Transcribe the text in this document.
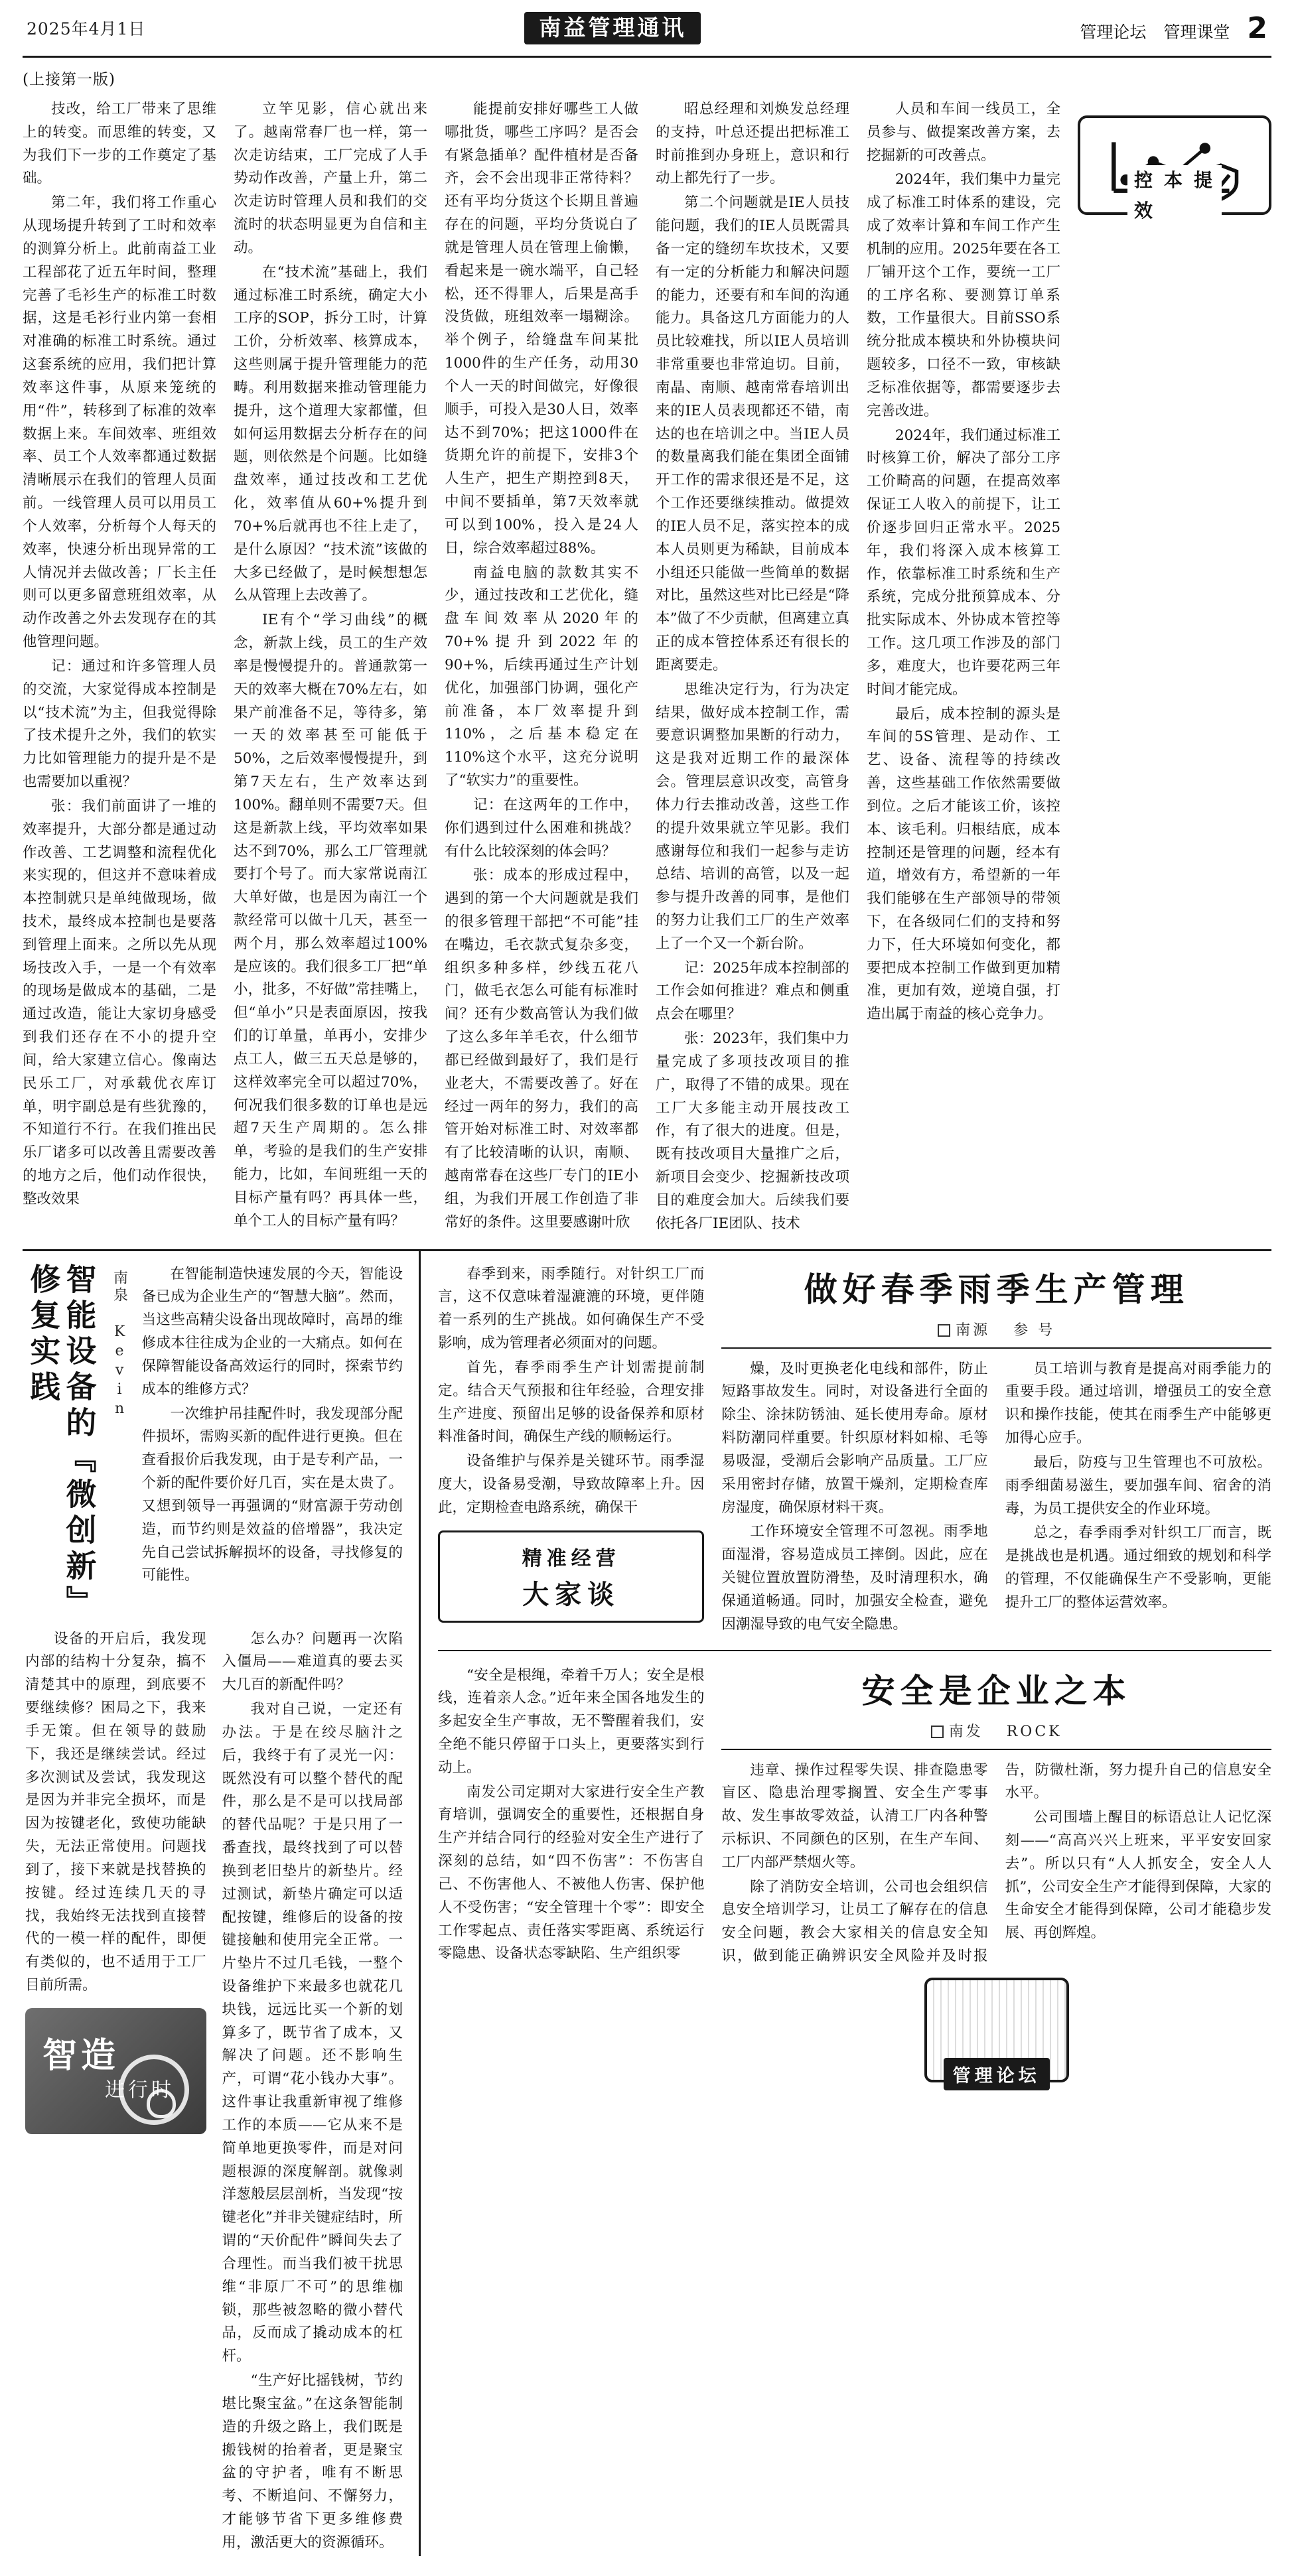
2025年4月1日	南益管理通讯	管理论坛 管理课堂 2
(上接第一版)

技改，给工厂带来了思维上的转变。而思维的转变，又为我们下一步的工作奠定了基础。

第二年，我们将工作重心从现场提升转到了工时和效率的测算分析上。此前南益工业工程部花了近五年时间，整理完善了毛衫生产的标准工时数据，这是毛衫行业内第一套相对准确的标准工时系统。通过这套系统的应用，我们把计算效率这件事，从原来笼统的用“件”，转移到了标准的效率数据上来。车间效率、班组效率、员工个人效率都通过数据清晰展示在我们的管理人员面前。一线管理人员可以用员工个人效率，分析每个人每天的效率，快速分析出现异常的工人情况并去做改善；厂长主任则可以更多留意班组效率，从动作改善之外去发现存在的其他管理问题。

记：通过和许多管理人员的交流，大家觉得成本控制是以“技术流”为主，但我觉得除了技术提升之外，我们的软实力比如管理能力的提升是不是也需要加以重视？

张：我们前面讲了一堆的效率提升，大部分都是通过动作改善、工艺调整和流程优化来实现的，但这并不意味着成本控制就只是单纯做现场，做技术，最终成本控制也是要落到管理上面来。之所以先从现场技改入手，一是一个有效率的现场是做成本的基础，二是通过改造，能让大家切身感受到我们还存在不小的提升空间，给大家建立信心。像南达民乐工厂，对承载优衣库订单，明宇副总是有些犹豫的，不知道行不行。在我们推出民乐厂诸多可以改善且需要改善的地方之后，他们动作很快，整改效果

立竿见影，信心就出来了。越南常春厂也一样，第一次走访结束，工厂完成了人手势动作改善，产量上升，第二次走访时管理人员和我们的交流时的状态明显更为自信和主动。

在“技术流”基础上，我们通过标准工时系统，确定大小工序的SOP，拆分工时，计算工价，分析效率、核算成本，这些则属于提升管理能力的范畴。利用数据来推动管理能力提升，这个道理大家都懂，但如何运用数据去分析存在的问题，则依然是个问题。比如缝盘效率，通过技改和工艺优化，效率值从60+%提升到70+%后就再也不往上走了，是什么原因？“技术流”该做的大多已经做了，是时候想想怎么从管理上去改善了。

IE有个“学习曲线”的概念，新款上线，员工的生产效率是慢慢提升的。普通款第一天的效率大概在70%左右，如果产前准备不足，等待多，第一天的效率甚至可能低于50%，之后效率慢慢提升，到第7天左右，生产效率达到100%。翻单则不需要7天。但这是新款上线，平均效率如果达不到70%，那么工厂管理就要打个号了。而大家常说南江大单好做，也是因为南江一个款经常可以做十几天，甚至一两个月，那么效率超过100%是应该的。我们很多工厂把“单小，批多，不好做”常挂嘴上，但“单小”只是表面原因，按我们的订单量，单再小，安排少点工人，做三五天总是够的，这样效率完全可以超过70%，何况我们很多数的订单也是远超7天生产周期的。怎么排单，考验的是我们的生产安排能力，比如，车间班组一天的目标产量有吗？再具体一些，单个工人的目标产量有吗？

能提前安排好哪些工人做哪批货，哪些工序吗？是否会有紧急插单？配件植材是否备齐，会不会出现非正常待料？还有平均分货这个长期且普遍存在的问题，平均分货说白了就是管理人员在管理上偷懒，看起来是一碗水端平，自己轻松，还不得罪人，后果是高手没货做，班组效率一塌糊涂。举个例子，给缝盘车间某批1000件的生产任务，动用30个人一天的时间做完，好像很顺手，可投入是30人日，效率达不到70%；把这1000件在货期允许的前提下，安排3个人生产，把生产期控到8天，中间不要插单，第7天效率就可以到100%，投入是24人日，综合效率超过88%。

南益电脑的款数其实不少，通过技改和工艺优化，缝盘车间效率从2020年的70+%提升到2022年的90+%，后续再通过生产计划优化，加强部门协调，强化产前准备，本厂效率提升到110%，之后基本稳定在110%这个水平，这充分说明了“软实力”的重要性。

记：在这两年的工作中，你们遇到过什么困难和挑战？有什么比较深刻的体会吗？

张：成本的形成过程中，遇到的第一个大问题就是我们的很多管理干部把“不可能”挂在嘴边，毛衣款式复杂多变，组织多种多样，纱线五花八门，做毛衣怎么可能有标准时间？还有少数高管认为我们做了这么多年羊毛衣，什么细节都已经做到最好了，我们是行业老大，不需要改善了。好在经过一两年的努力，我们的高管开始对标准工时、对效率都有了比较清晰的认识，南顺、越南常春在这些厂专门的IE小组，为我们开展工作创造了非常好的条件。这里要感谢叶欣

昭总经理和刘焕发总经理的支持，叶总还提出把标准工时前推到办身班上，意识和行动上都先行了一步。

第二个问题就是IE人员技能问题，我们的IE人员既需具备一定的缝纫车坎技术，又要有一定的分析能力和解决问题的能力，还要有和车间的沟通能力。具备这几方面能力的人员比较难找，所以IE人员培训非常重要也非常迫切。目前，南晶、南顺、越南常春培训出来的IE人员表现都还不错，南达的也在培训之中。当IE人员的数量离我们能在集团全面铺开工作的需求很还是不足，这个工作还要继续推动。做提效的IE人员不足，落实控本的成本人员则更为稀缺，目前成本小组还只能做一些简单的数据对比，虽然这些对比已经是“降本”做了不少贡献，但离建立真正的成本管控体系还有很长的距离要走。

思维决定行为，行为决定结果，做好成本控制工作，需要意识调整加果断的行动力，这是我对近期工作的最深体会。管理层意识改变，高管身体力行去推动改善，这些工作的提升效果就立竿见影。我们感谢每位和我们一起参与走访总结、培训的高管，以及一起参与提升改善的同事，是他们的努力让我们工厂的生产效率上了一个又一个新台阶。

记：2025年成本控制部的工作会如何推进？难点和侧重点会在哪里？

张：2023年，我们集中力量完成了多项技改项目的推广，取得了不错的成果。现在工厂大多能主动开展技改工作，有了很大的进度。但是，既有技改项目大量推广之后，新项目会变少、挖掘新技改项目的难度会加大。后续我们要依托各厂IE团队、技术

人员和车间一线员工，全员参与、做提案改善方案，去挖掘新的可改善点。

2024年，我们集中力量完成了标准工时体系的建设，完成了效率计算和车间工作产生机制的应用。2025年要在各工厂铺开这个工作，要统一工厂的工序名称、要测算订单系数，工作量很大。目前SSO系统分批成本模块和外协模块问题较多，口径不一致，审核缺乏标准依据等，都需要逐步去完善改进。

2024年，我们通过标准工时核算工价，解决了部分工序工价畸高的问题，在提高效率保证工人收入的前提下，让工价逐步回归正常水平。2025年，我们将深入成本核算工作，依靠标准工时系统和生产系统，完成分批预算成本、分批实际成本、外协成本管控等工作。这几项工作涉及的部门多，难度大，也许要花两三年时间才能完成。

最后，成本控制的源头是车间的5S管理、是动作、工艺、设备、流程等的持续改善，这些基础工作依然需要做到位。之后才能该工价，该控本、该毛利。归根结底，成本控制还是管理的问题，经本有道，增效有方，希望新的一年我们能够在生产部领导的带领下，在各级同仁们的支持和努力下，任大环境如何变化，都要把成本控制工作做到更加精准，更加有效，逆境自强，打造出属于南益的核心竞争力。

控本提效
智能设备的『微创新』修复实践	南泉 Kevin	在智能制造快速发展的今天，智能设备已成为企业生产的“智慧大脑”。然而，当这些高精尖设备出现故障时，高昂的维修成本往往成为企业的一大痛点。如何在保障智能设备高效运行的同时，探索节约成本的维修方式？

一次维护吊挂配件时，我发现部分配件损坏，需购买新的配件进行更换。但在查看报价后我发现，由于是专利产品，一个新的配件要价好几百，实在是太贵了。又想到领导一再强调的“财富源于劳动创造，而节约则是效益的倍增器”，我决定先自己尝试拆解损坏的设备，寻找修复的可能性。

设备的开启后，我发现内部的结构十分复杂，搞不清楚其中的原理，到底要不要继续修？困局之下，我来手无策。但在领导的鼓励下，我还是继续尝试。经过多次测试及尝试，我发现这是因为并非完全损坏，而是因为按键老化，致使功能缺失，无法正常使用。问题找到了，接下来就是找替换的按键。经过连续几天的寻找，我始终无法找到直接替代的一模一样的配件，即便有类似的，也不适用于工厂目前所需。

智造
进行时

怎么办？问题再一次陷入僵局——难道真的要去买大几百的新配件吗？

我对自己说，一定还有办法。于是在绞尽脑汁之后，我终于有了灵光一闪：既然没有可以整个替代的配件，那么是不是可以找局部的替代品呢？于是只用了一番查找，最终找到了可以替换到老旧垫片的新垫片。经过测试，新垫片确定可以适配按键，维修后的设备的按键接触和使用完全正常。一片垫片不过几毛钱，一整个设备维护下来最多也就花几块钱，远远比买一个新的划算多了，既节省了成本，又解决了问题。还不影响生产，可谓“花小钱办大事”。这件事让我重新审视了维修工作的本质——它从来不是简单地更换零件，而是对问题根源的深度解剖。就像剥洋葱般层层剖析，当发现“按键老化”并非关键症结时，所谓的“天价配件”瞬间失去了合理性。而当我们被干扰思维“非原厂不可”的思维枷锁，那些被忽略的微小替代品，反而成了撬动成本的杠杆。

“生产好比摇钱树，节约堪比聚宝盆。”在这条智能制造的升级之路上，我们既是搬钱树的抬着者，更是聚宝盆的守护者，唯有不断思考、不断追问、不懈努力，才能够节省下更多维修费用，激活更大的资源循环。

春季到来，雨季随行。对针织工厂而言，这不仅意味着湿漉漉的环境，更伴随着一系列的生产挑战。如何确保生产不受影响，成为管理者必须面对的问题。

首先，春季雨季生产计划需提前制定。结合天气预报和往年经验，合理安排生产进度、预留出足够的设备保养和原材料准备时间，确保生产线的顺畅运行。

设备维护与保养是关键环节。雨季湿度大，设备易受潮，导致故障率上升。因此，定期检查电路系统，确保干

精准经营
大家谈
做好春季雨季生产管理
南源 参 号

燥，及时更换老化电线和部件，防止短路事故发生。同时，对设备进行全面的除尘、涂抹防锈油、延长使用寿命。原材料防潮同样重要。针织原材料如棉、毛等易吸湿，受潮后会影响产品质量。工厂应采用密封存储，放置干燥剂，定期检查库房湿度，确保原材料干爽。

工作环境安全管理不可忽视。雨季地面湿滑，容易造成员工摔倒。因此，应在关键位置放置防滑垫，及时清理积水，确保通道畅通。同时，加强安全检查，避免因潮湿导致的电气安全隐患。

员工培训与教育是提高对雨季能力的重要手段。通过培训，增强员工的安全意识和操作技能，使其在雨季生产中能够更加得心应手。

最后，防疫与卫生管理也不可放松。雨季细菌易滋生，要加强车间、宿舍的消毒，为员工提供安全的作业环境。

总之，春季雨季对针织工厂而言，既是挑战也是机遇。通过细致的规划和科学的管理，不仅能确保生产不受影响，更能提升工厂的整体运营效率。

“安全是根绳，牵着千万人；安全是根线，连着亲人念。”近年来全国各地发生的多起安全生产事故，无不警醒着我们，安全绝不能只停留于口头上，更要落实到行动上。

南发公司定期对大家进行安全生产教育培训，强调安全的重要性，还根据自身生产并结合同行的经验对安全生产进行了深刻的总结，如“四不伤害”：不伤害自己、不伤害他人、不被他人伤害、保护他人不受伤害；“安全管理十个零”：即安全工作零起点、责任落实零距离、系统运行零隐患、设备状态零缺陷、生产组织零

安全是企业之本
南发 ROCK

违章、操作过程零失误、排查隐患零盲区、隐患治理零搁置、安全生产零事故、发生事故零效益，认清工厂内各种警示标识、不同颜色的区别，在生产车间、工厂内部严禁烟火等。

除了消防安全培训，公司也会组织信息安全培训学习，让员工了解存在的信息安全问题，教会大家相关的信息安全知识，做到能正确辨识安全风险并及时报告，防微杜渐，努力提升自己的信息安全水平。

公司围墙上醒目的标语总让人记忆深刻——“高高兴兴上班来，平平安安回家去”。所以只有“人人抓安全，安全人人抓”，公司安全生产才能得到保障，大家的生命安全才能得到保障，公司才能稳步发展、再创辉煌。

管理论坛
